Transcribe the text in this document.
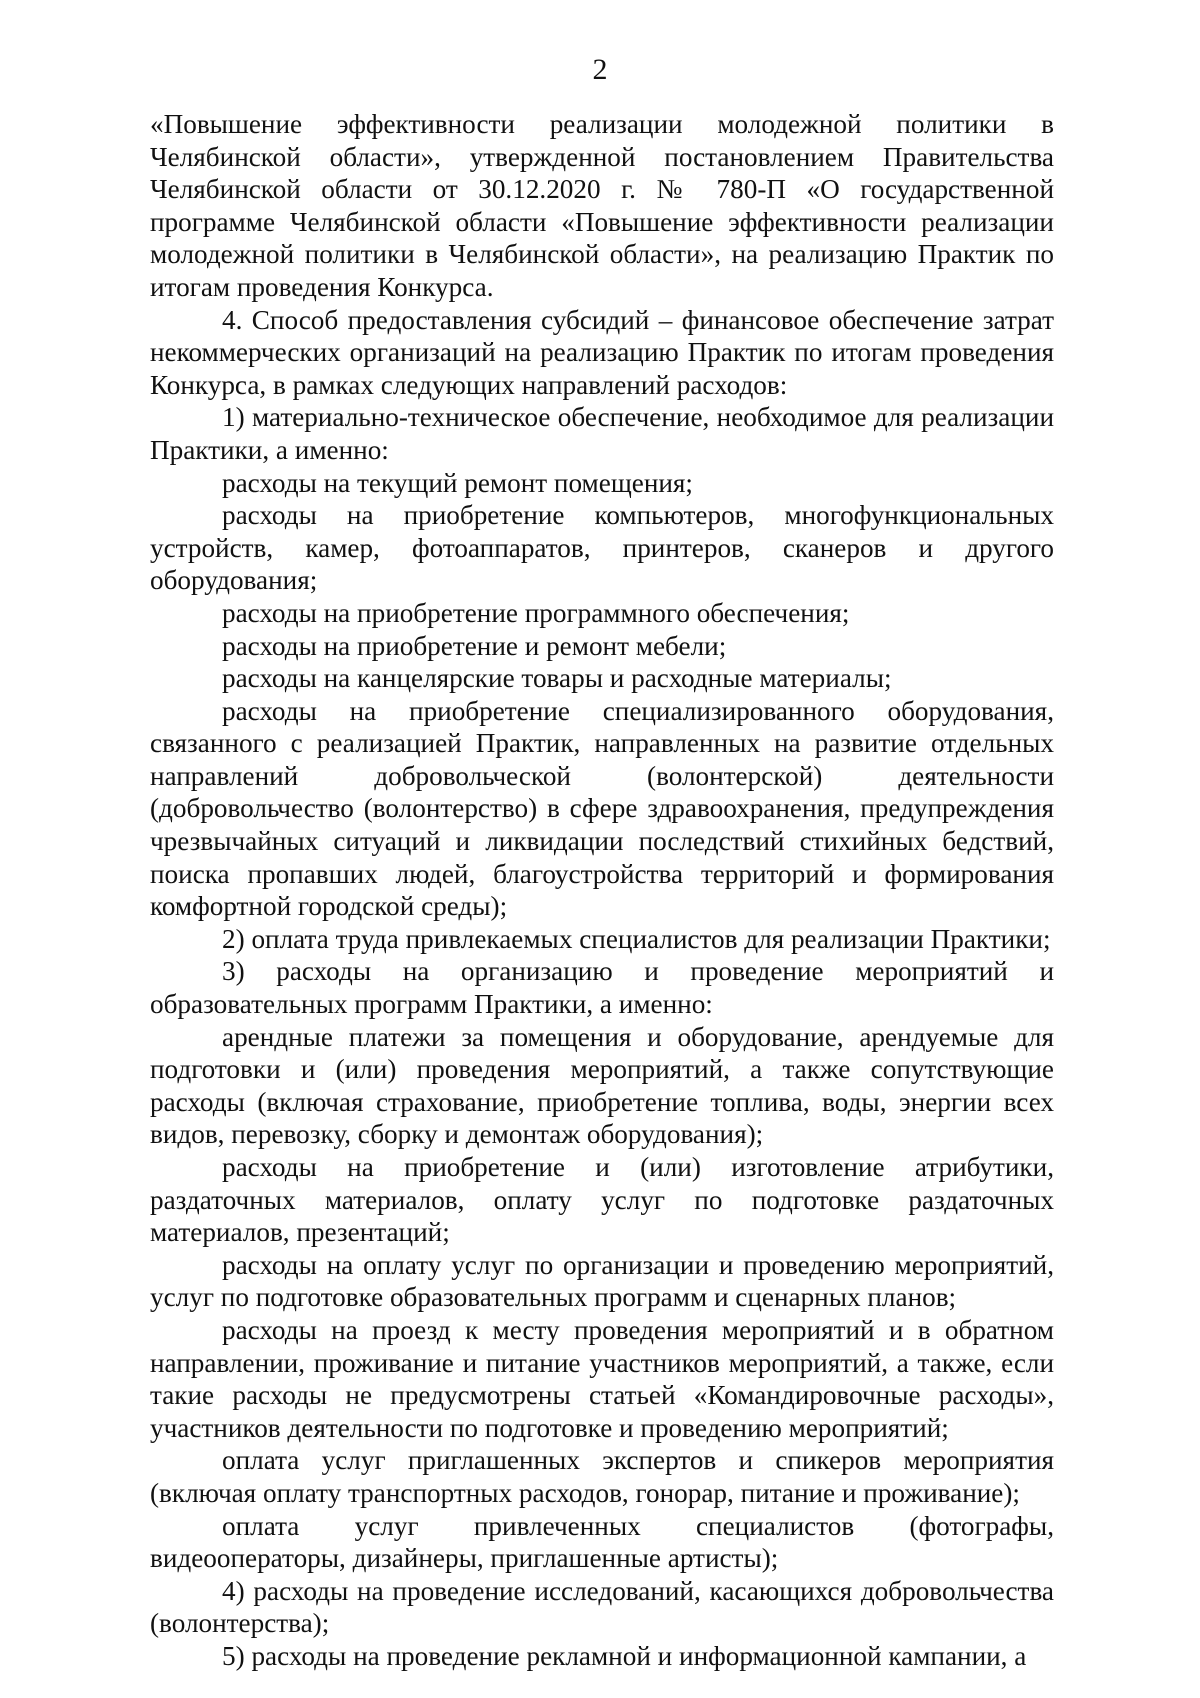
2

«Повышение эффективности реализации молодежной политики в Челябинской области», утвержденной постановлением Правительства Челябинской области от 30.12.2020 г. № 780-П «О государственной программе Челябинской области «Повышение эффективности реализации молодежной политики в Челябинской области», на реализацию Практик по итогам проведения Конкурса.

4. Способ предоставления субсидий – финансовое обеспечение затрат некоммерческих организаций на реализацию Практик по итогам проведения Конкурса, в рамках следующих направлений расходов:

1) материально-техническое обеспечение, необходимое для реализации Практики, а именно:

расходы на текущий ремонт помещения;

расходы на приобретение компьютеров, многофункциональных устройств, камер, фотоаппаратов, принтеров, сканеров и другого оборудования;

расходы на приобретение программного обеспечения;

расходы на приобретение и ремонт мебели;

расходы на канцелярские товары и расходные материалы;

расходы на приобретение специализированного оборудования, связанного с реализацией Практик, направленных на развитие отдельных направлений добровольческой (волонтерской) деятельности (добровольчество (волонтерство) в сфере здравоохранения, предупреждения чрезвычайных ситуаций и ликвидации последствий стихийных бедствий, поиска пропавших людей, благоустройства территорий и формирования комфортной городской среды);

2) оплата труда привлекаемых специалистов для реализации Практики;

3) расходы на организацию и проведение мероприятий и образовательных программ Практики, а именно:

арендные платежи за помещения и оборудование, арендуемые для подготовки и (или) проведения мероприятий, а также сопутствующие расходы (включая страхование, приобретение топлива, воды, энергии всех видов, перевозку, сборку и демонтаж оборудования);

расходы на приобретение и (или) изготовление атрибутики, раздаточных материалов, оплату услуг по подготовке раздаточных материалов, презентаций;

расходы на оплату услуг по организации и проведению мероприятий, услуг по подготовке образовательных программ и сценарных планов;

расходы на проезд к месту проведения мероприятий и в обратном направлении, проживание и питание участников мероприятий, а также, если такие расходы не предусмотрены статьей «Командировочные расходы», участников деятельности по подготовке и проведению мероприятий;

оплата услуг приглашенных экспертов и спикеров мероприятия (включая оплату транспортных расходов, гонорар, питание и проживание);

оплата услуг привлеченных специалистов (фотографы, видеооператоры, дизайнеры, приглашенные артисты);

4) расходы на проведение исследований, касающихся добровольчества (волонтерства);

5) расходы на проведение рекламной и информационной кампании, а
